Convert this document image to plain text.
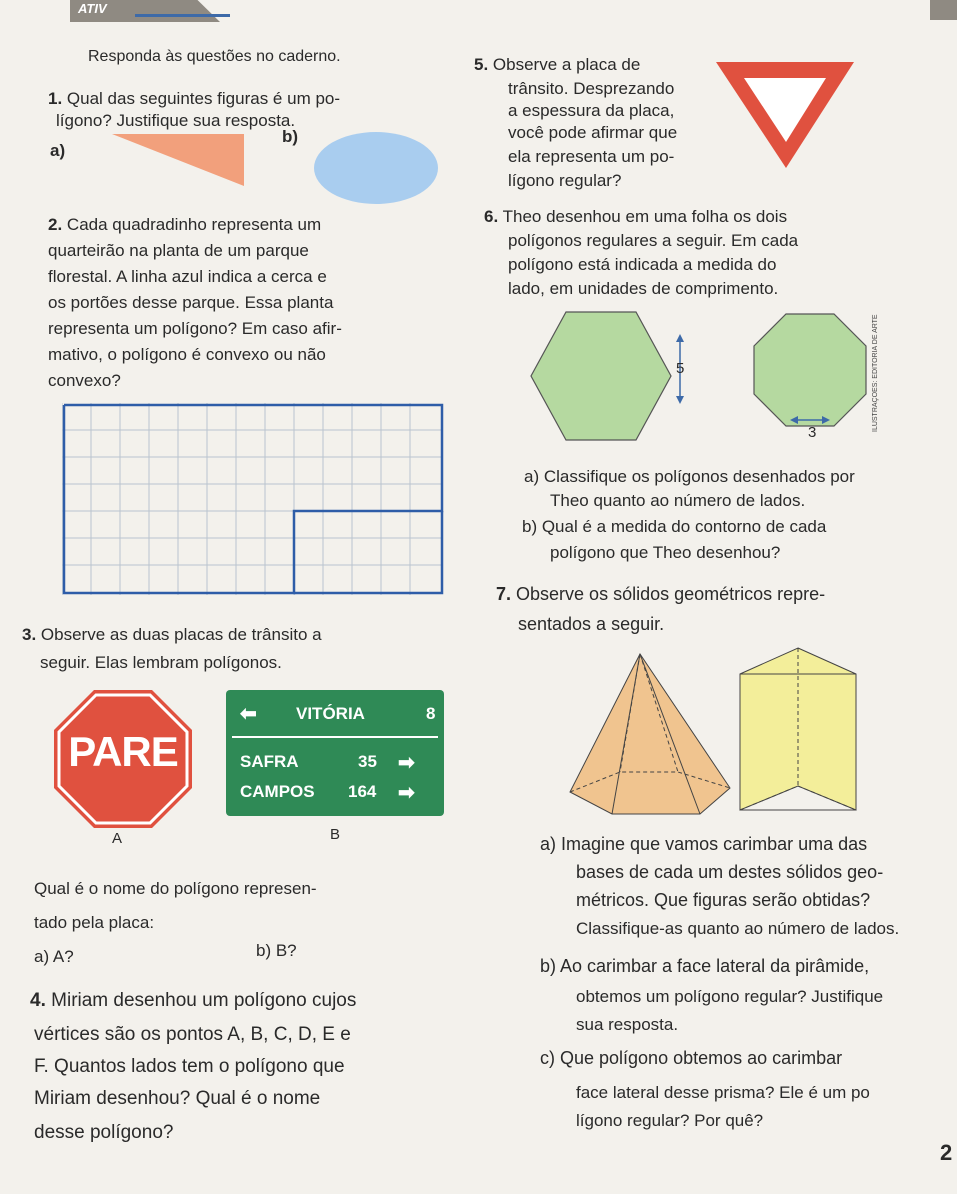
ATIV
Responda às questões no caderno.
1. Qual das seguintes figuras é um po-
lígono? Justifique sua resposta.
a)
b)
2. Cada quadradinho representa um
quarteirão na planta de um parque
florestal. A linha azul indica a cerca e
os portões desse parque. Essa planta
representa um polígono? Em caso afir-
mativo, o polígono é convexo ou não
convexo?
3. Observe as duas placas de trânsito a
seguir. Elas lembram polígonos.
PARE
⬅ VITÓRIA	8
SAFRA	35 ➡
CAMPOS 164 ➡
A	B
Qual é o nome do polígono represen-
tado pela placa:
a) A?	b) B?
4. Miriam desenhou um polígono cujos
vértices são os pontos A, B, C, D, E e
F. Quantos lados tem o polígono que
Miriam desenhou? Qual é o nome
desse polígono?
5. Observe a placa de
trânsito. Desprezando
a espessura da placa,
você pode afirmar que
ela representa um po-
lígono regular?
6. Theo desenhou em uma folha os dois
polígonos regulares a seguir. Em cada
polígono está indicada a medida do
lado, em unidades de comprimento.
5
3
ILUSTRAÇÕES: EDITORIA DE ARTE
a) Classifique os polígonos desenhados por
Theo quanto ao número de lados.
b) Qual é a medida do contorno de cada
polígono que Theo desenhou?
7. Observe os sólidos geométricos repre-
sentados a seguir.
a) Imagine que vamos carimbar uma das
bases de cada um destes sólidos geo-
métricos. Que figuras serão obtidas?
Classifique-as quanto ao número de lados.
b) Ao carimbar a face lateral da pirâmide,
obtemos um polígono regular? Justifique
sua resposta.
c) Que polígono obtemos ao carimbar
face lateral desse prisma? Ele é um po
lígono regular? Por quê?
2
